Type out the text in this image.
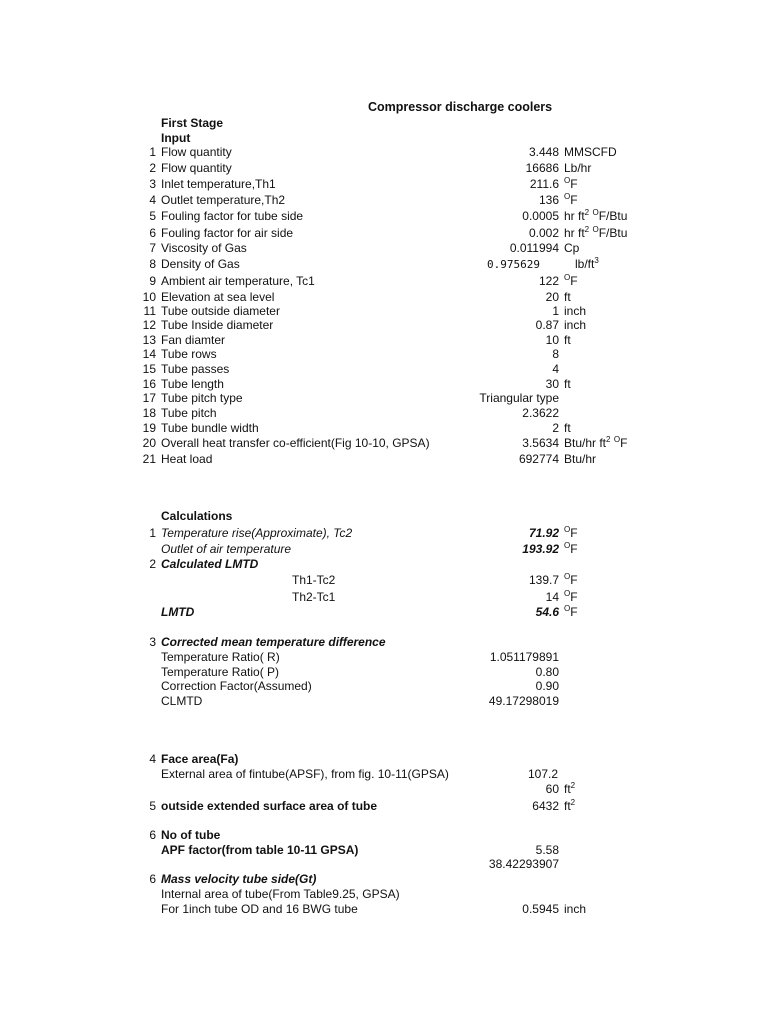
Compressor discharge coolers
First Stage
Input
1 Flow quantity	3.448 MMSCFD
2 Flow quantity	16686 Lb/hr
3 Inlet temperature,Th1	211.6 $^O$F
4 Outlet temperature,Th2	136 $^O$F
5 Fouling factor for tube side	0.0005 hr $ft^2$ $^O$F/Btu
6 Fouling factor for air side	0.002 hr $ft^2$ $^O$F/Btu
7 Viscosity of Gas	0.011994 Cp
8 Density of Gas	0.975629	$lb/ft^3$
9 Ambient air temperature, Tc1	122 $^O$F
10 Elevation at sea level	20 ft
11 Tube outside diameter	1 inch
12 Tube Inside diameter	0.87 inch
13 Fan diamter	10 ft
14 Tube rows	8
15 Tube passes	4
16 Tube length	30 ft
17 Tube pitch type	Triangular type
18 Tube pitch	2.3622
19 Tube bundle width	2 ft
20 Overall heat transfer co-efficient(Fig 10-10, GPSA)	3.5634 Btu/hr $ft^2$ $^O$F
21 Heat load	692774 Btu/hr
Calculations
1 Temperature rise(Approximate), Tc2	71.92 $^O$F
Outlet of air temperature	193.92 $^O$F
2 Calculated LMTD
Th1-Tc2	139.7 $^O$F
Th2-Tc1	14 $^O$F
LMTD	54.6 $^O$F
3 Corrected mean temperature difference
Temperature Ratio( R)	1.051179891
Temperature Ratio( P)	0.80
Correction Factor(Assumed)	0.90
CLMTD	49.17298019
4 Face area(Fa)
External area of fintube(APSF), from fig. 10-11(GPSA)	107.2
60 $ft^2$
5 outside extended surface area of tube	6432 $ft^2$
6 No of tube
APF factor(from table 10-11 GPSA)	5.58
38.42293907
6 Mass velocity tube side(Gt)
Internal area of tube(From Table9.25, GPSA)
For 1inch tube OD and 16 BWG tube	0.5945 inch
